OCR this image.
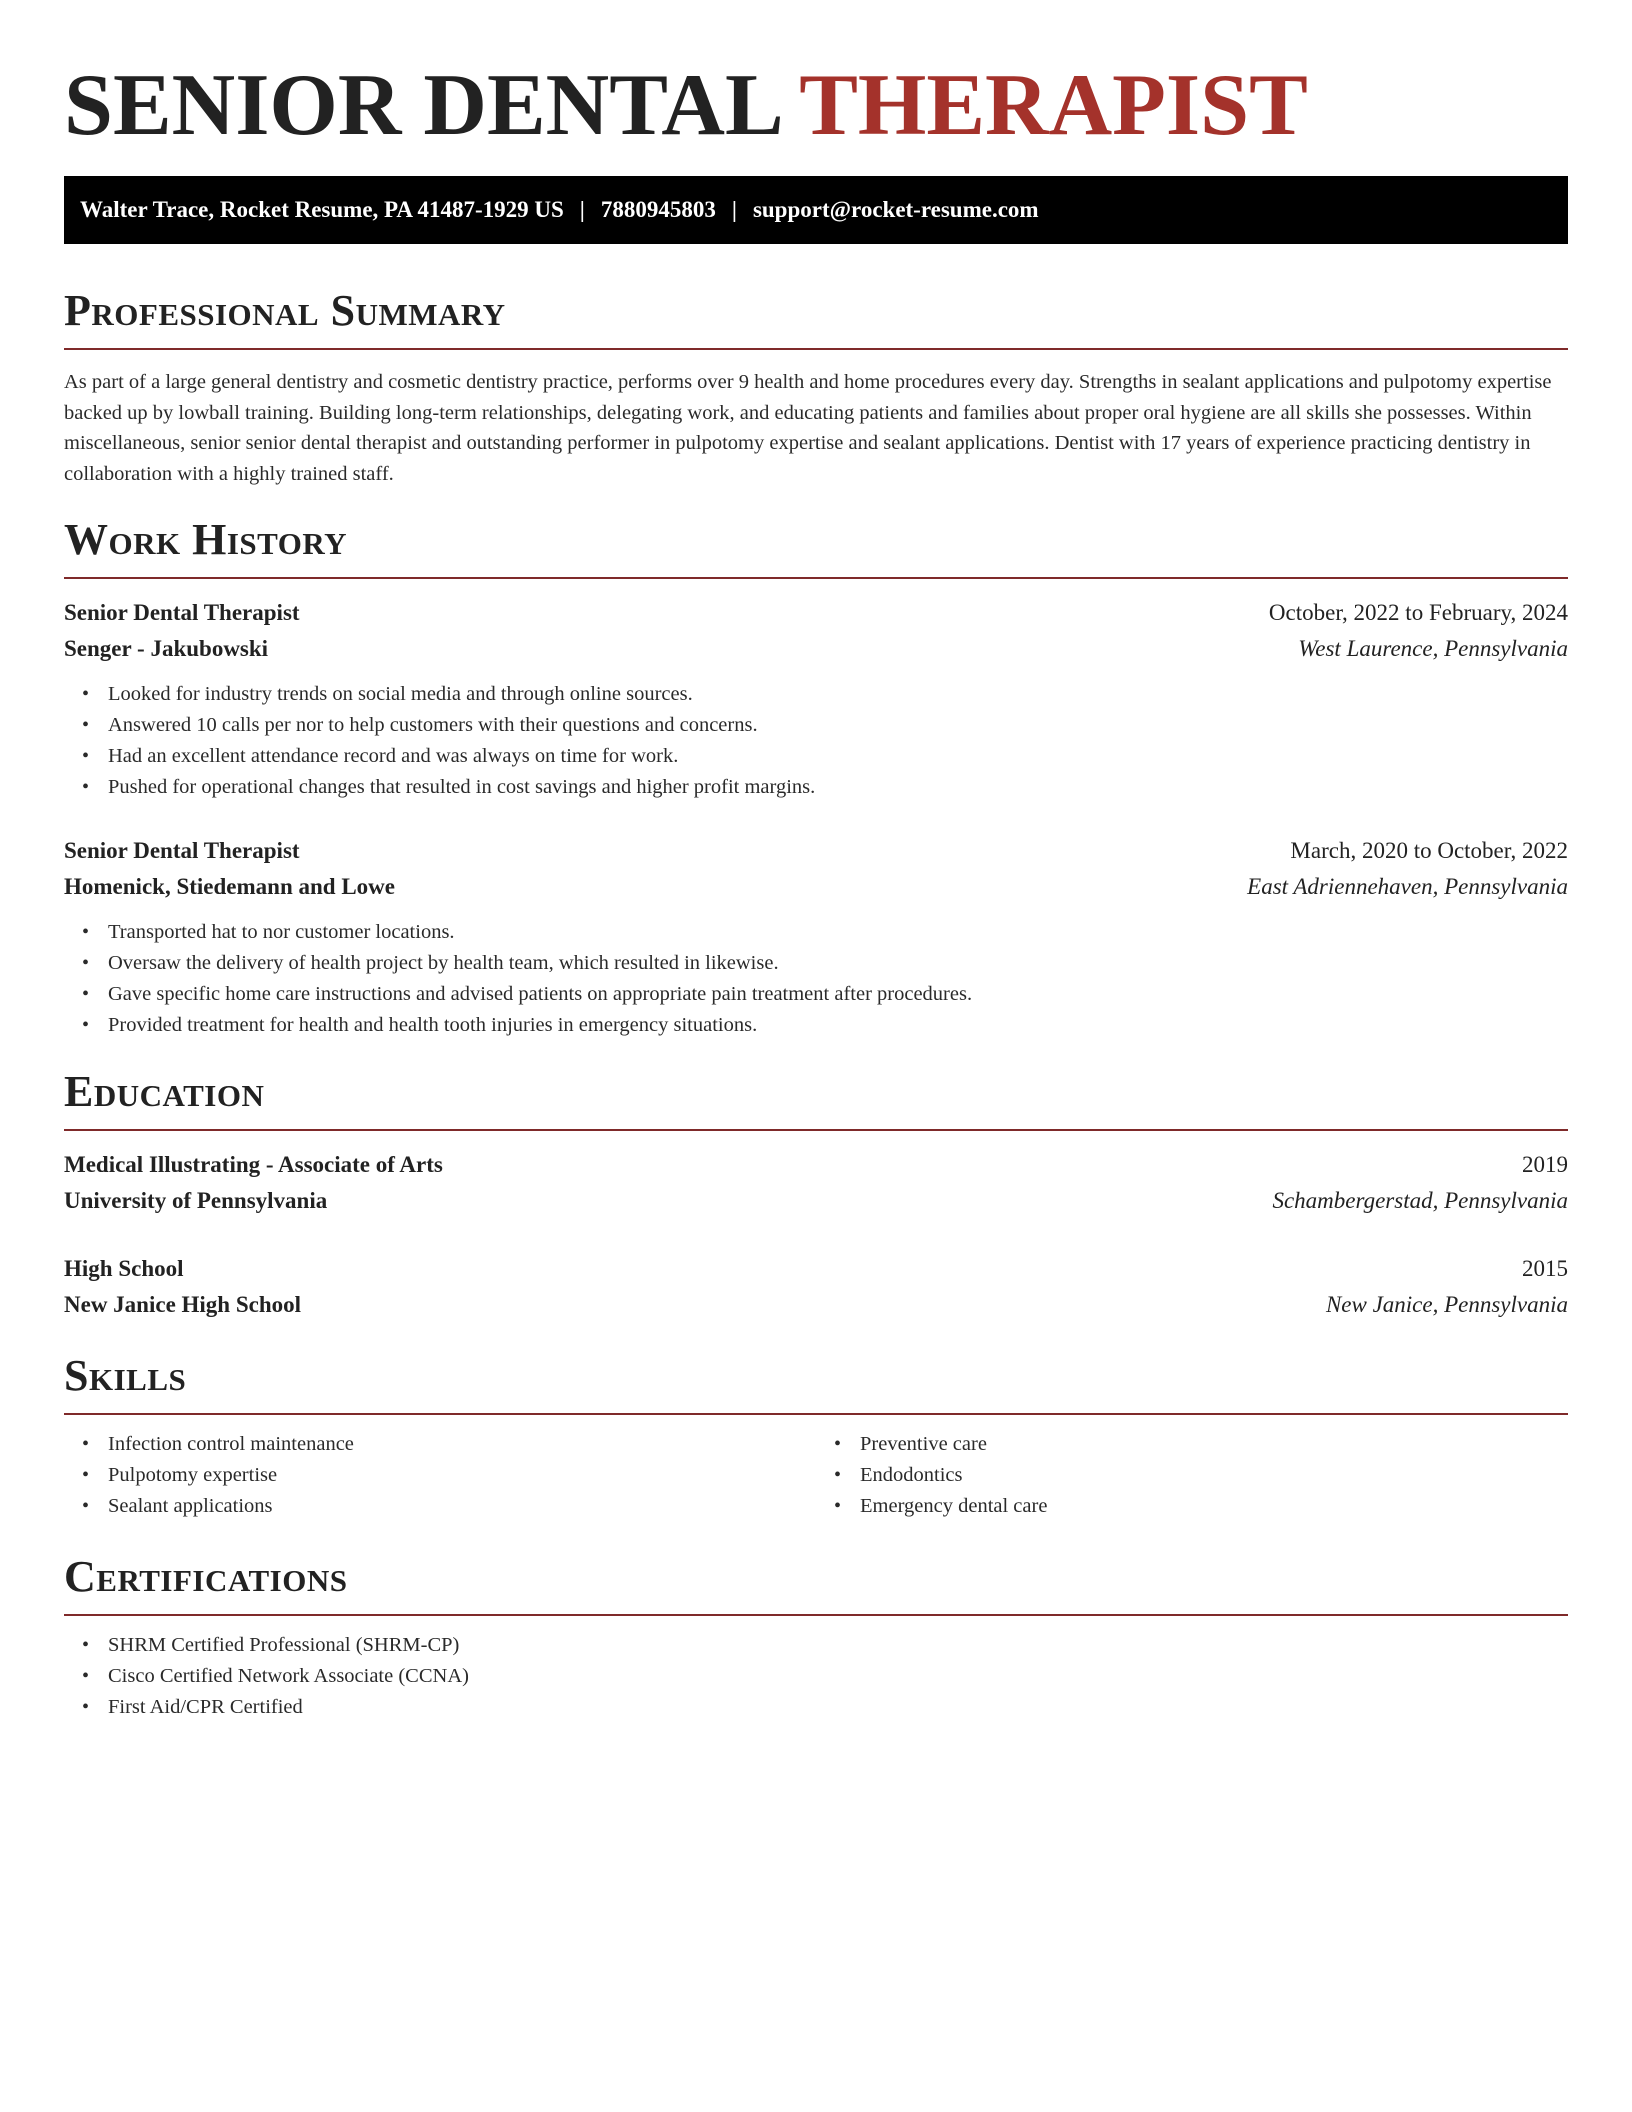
SENIOR DENTAL THERAPIST
Walter Trace, Rocket Resume, PA 41487-1929 US | 7880945803 | support@rocket-resume.com
Professional Summary

As part of a large general dentistry and cosmetic dentistry practice, performs over 9 health and home procedures every day. Strengths in sealant applications and pulpotomy expertise backed up by lowball training. Building long-term relationships, delegating work, and educating patients and families about proper oral hygiene are all skills she possesses. Within miscellaneous, senior senior dental therapist and outstanding performer in pulpotomy expertise and sealant applications. Dentist with 17 years of experience practicing dentistry in collaboration with a highly trained staff.

Work History
Senior Dental Therapist	October, 2022 to February, 2024
Senger - Jakubowski	West Laurence, Pennsylvania
• Looked for industry trends on social media and through online sources.
• Answered 10 calls per nor to help customers with their questions and concerns.
• Had an excellent attendance record and was always on time for work.
• Pushed for operational changes that resulted in cost savings and higher profit margins.
Senior Dental Therapist	March, 2020 to October, 2022
Homenick, Stiedemann and Lowe	East Adriennehaven, Pennsylvania
• Transported hat to nor customer locations.
• Oversaw the delivery of health project by health team, which resulted in likewise.
• Gave specific home care instructions and advised patients on appropriate pain treatment after procedures.
• Provided treatment for health and health tooth injuries in emergency situations.
Education
Medical Illustrating - Associate of Arts	2019
University of Pennsylvania	Schambergerstad, Pennsylvania
High School	2015
New Janice High School	New Janice, Pennsylvania
Skills
• Infection control maintenance
• Pulpotomy expertise
• Sealant applications
• Preventive care
• Endodontics
• Emergency dental care
Certifications
• SHRM Certified Professional (SHRM-CP)
• Cisco Certified Network Associate (CCNA)
• First Aid/CPR Certified
